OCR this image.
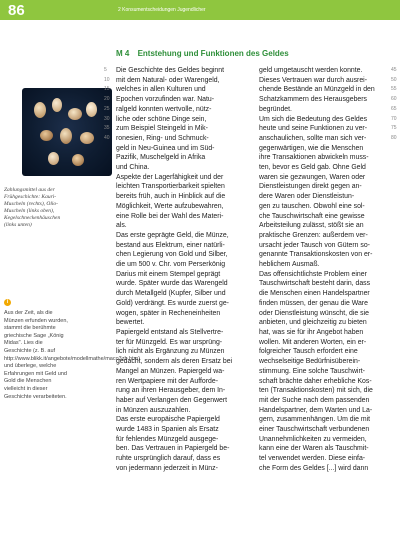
86	2 Konsumentscheidungen Jugendlicher
M 4 Entstehung und Funktionen des Geldes
Zahlungsmittel aus der Frühgeschichte: Kauri-Muscheln (rechts), Olio-Muscheln (links oben), Kegelschneckenhäuschen (links unten)
i
Aus der Zeit, als die Münzen erfunden wurden, stammt die berühmte griechische Sage „König Midas". Lies die Geschichte (z. B. auf http://www.blikk.it/angebote/modellmathe/maco3zb.htm) und überlege, welche Erfahrungen mit Geld und Gold die Menschen vielleicht in dieser Geschichte verarbeiteten.
5
10
15
20
25
30
35
40
Die Geschichte des Geldes beginnt
mit dem Natural- oder Warengeld,
welches in allen Kulturen und
Epochen vorzufinden war. Natu-
ralgeld konnten wertvolle, nütz-
liche oder schöne Dinge sein,
zum Beispiel Steingeld in Mik-
ronesien, Ring- und Schmuck-
geld in Neu-Guinea und im Süd-
Pazifik, Muschelgeld in Afrika
und China.
Aspekte der Lagerfähigkeit und der
leichten Transportierbarkeit spielten
bereits früh, auch in Hinblick auf die
Möglichkeit, Werte aufzubewahren,
eine Rolle bei der Wahl des Materi-
als.
Das erste geprägte Geld, die Münze,
bestand aus Elektrum, einer natürli-
chen Legierung von Gold und Silber,
die um 500 v. Chr. vom Perserkönig
Darius mit einem Stempel geprägt
wurde. Später wurde das Warengeld
durch Metallgeld (Kupfer, Silber und
Gold) verdrängt. Es wurde zuerst ge-
wogen, später in Recheneinheiten
bewertet.
Papiergeld entstand als Stellvertre-
ter für Münzgeld. Es war ursprüng-
lich nicht als Ergänzung zu Münzen
gedacht, sondern als deren Ersatz bei
Mangel an Münzen. Papiergeld wa-
ren Wertpapiere mit der Aufforde-
rung an ihren Herausgeber, dem In-
haber auf Verlangen den Gegenwert
in Münzen auszuzahlen.
Das erste europäische Papiergeld
wurde 1483 in Spanien als Ersatz
für fehlendes Münzgeld ausgege-
ben. Das Vertrauen in Papiergeld be-
ruhte ursprünglich darauf, dass es
von jedermann jederzeit in Münz-
geld umgetauscht werden konnte.
Dieses Vertrauen war durch ausrei-
chende Bestände an Münzgeld in den
Schatzkammern des Herausgebers
begründet.
Um sich die Bedeutung des Geldes
heute und seine Funktionen zu ver-
anschaulichen, sollte man sich ver-
gegenwärtigen, wie die Menschen
ihre Transaktionen abwickeln muss-
ten, bevor es Geld gab. Ohne Geld
waren sie gezwungen, Waren oder
Dienstleistungen direkt gegen an-
dere Waren oder Dienstleistun-
gen zu tauschen. Obwohl eine sol-
che Tauschwirtschaft eine gewisse
Arbeitsteilung zulässt, stößt sie an
praktische Grenzen: außerdem ver-
ursacht jeder Tausch von Gütern so-
genannte Transaktionskosten von er-
heblichem Ausmaß.
Das offensichtlichste Problem einer
Tauschwirtschaft besteht darin, dass
die Menschen einen Handelspartner
finden müssen, der genau die Ware
oder Dienstleistung wünscht, die sie
anbieten, und gleichzeitig zu bieten
hat, was sie für ihr Angebot haben
wollen. Mit anderen Worten, ein er-
folgreicher Tausch erfordert eine
wechselseitige Bedürfnisüberein-
stimmung. Eine solche Tauschwirt-
schaft brächte daher erhebliche Kos-
ten (Transaktionskosten) mit sich, die
mit der Suche nach dem passenden
Handelspartner, dem Warten und La-
gern, zusammenhängen. Um die mit
einer Tauschwirtschaft verbundenen
Unannehmlichkeiten zu vermeiden,
kann eine der Waren als Tauschmit-
tel verwendet werden. Diese einfa-
che Form des Geldes [...] wird dann
45
50
55
60
65
70
75
80
